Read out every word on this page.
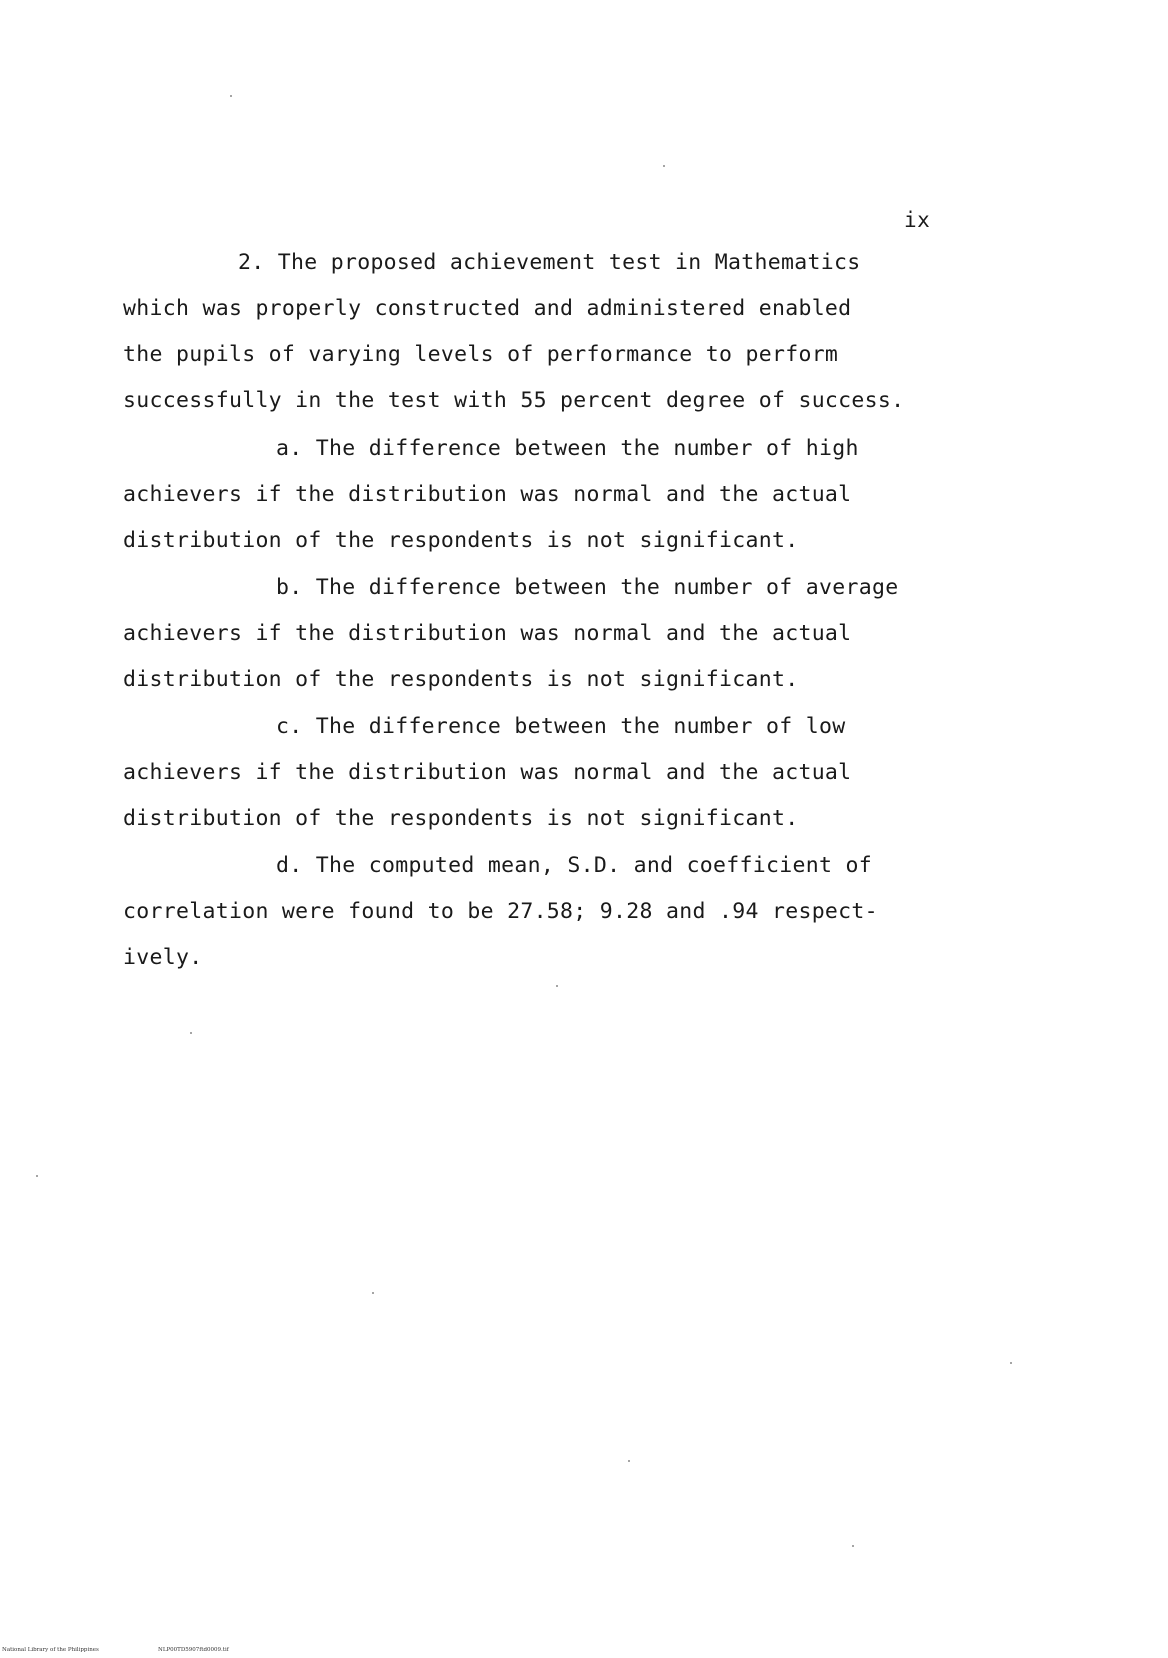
ix
2. The proposed achievement test in Mathematics
which was properly constructed and administered enabled
the pupils of varying levels of performance to perform
successfully in the test with 55 percent degree of success.
a. The difference between the number of high
achievers if the distribution was normal and the actual
distribution of the respondents is not significant.
b. The difference between the number of average
achievers if the distribution was normal and the actual
distribution of the respondents is not significant.
c. The difference between the number of low
achievers if the distribution was normal and the actual
distribution of the respondents is not significant.
d. The computed mean, S.D. and coefficient of
correlation were found to be 27.58; 9.28 and .94 respect-
ively.
National Library of the Philippines	NLP00TD5907ftd0009.tif
